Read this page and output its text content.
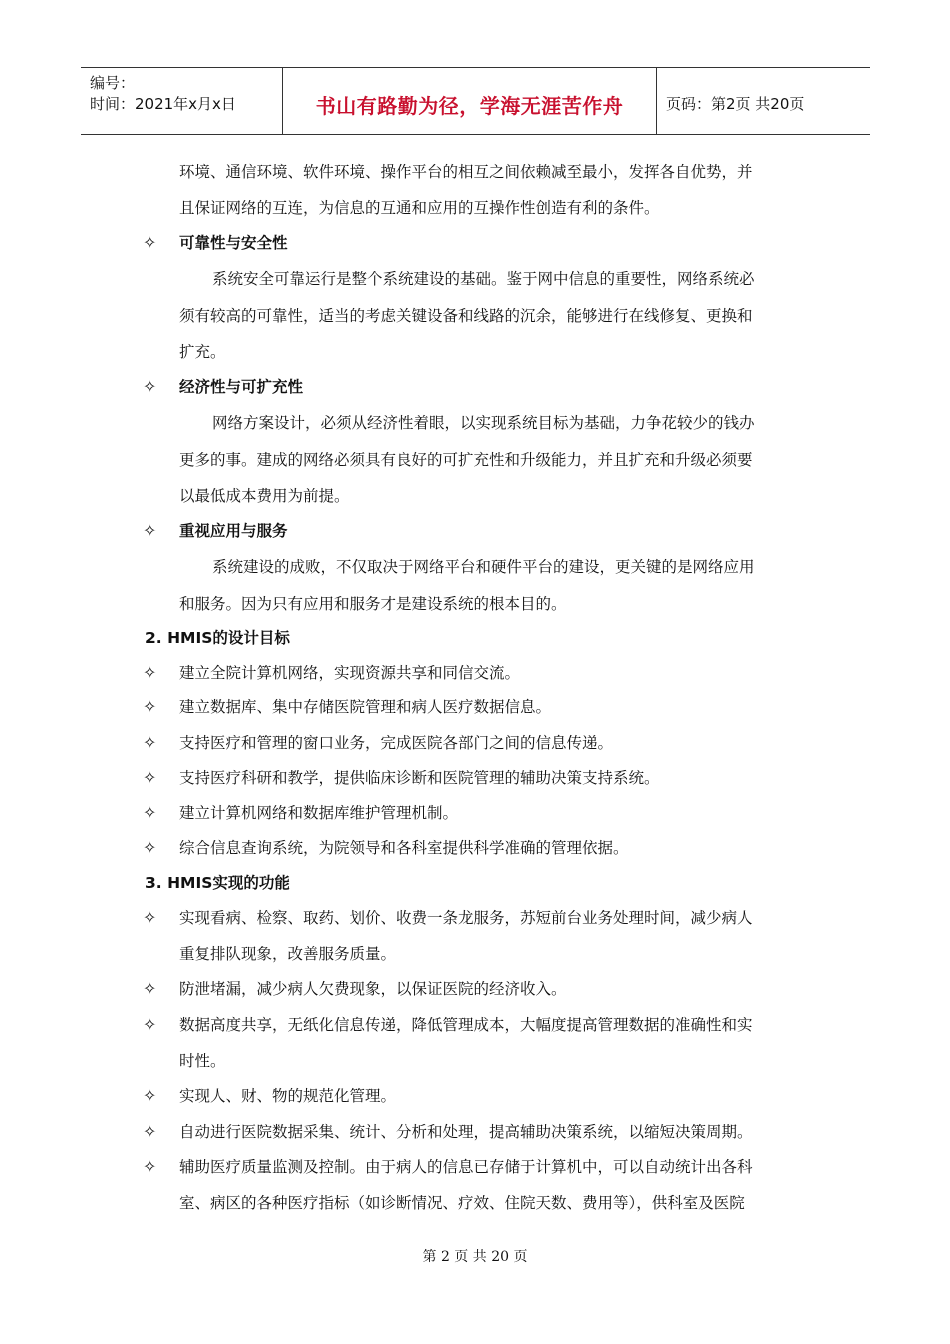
编号：
时间：2021年x月x日	书山有路勤为径，学海无涯苦作舟	页码：第2页 共20页
环境、通信环境、软件环境、操作平台的相互之间依赖减至最小，发挥各自优势，并
且保证网络的互连，为信息的互通和应用的互操作性创造有利的条件。
✧ 可靠性与安全性
系统安全可靠运行是整个系统建设的基础。鉴于网中信息的重要性，网络系统必
须有较高的可靠性，适当的考虑关键设备和线路的沉余，能够进行在线修复、更换和
扩充。
✧ 经济性与可扩充性
网络方案设计，必须从经济性着眼，以实现系统目标为基础，力争花较少的钱办
更多的事。建成的网络必须具有良好的可扩充性和升级能力，并且扩充和升级必须要
以最低成本费用为前提。
✧ 重视应用与服务
系统建设的成败，不仅取决于网络平台和硬件平台的建设，更关键的是网络应用
和服务。因为只有应用和服务才是建设系统的根本目的。
2. HMIS的设计目标
✧ 建立全院计算机网络，实现资源共享和同信交流。
✧ 建立数据库、集中存储医院管理和病人医疗数据信息。
✧ 支持医疗和管理的窗口业务，完成医院各部门之间的信息传递。
✧ 支持医疗科研和教学，提供临床诊断和医院管理的辅助决策支持系统。
✧ 建立计算机网络和数据库维护管理机制。
✧ 综合信息查询系统，为院领导和各科室提供科学准确的管理依据。
3. HMIS实现的功能
✧ 实现看病、检察、取药、划价、收费一条龙服务，苏短前台业务处理时间，减少病人
重复排队现象，改善服务质量。
✧ 防泄堵漏，减少病人欠费现象，以保证医院的经济收入。
✧ 数据高度共享，无纸化信息传递，降低管理成本，大幅度提高管理数据的准确性和实
时性。
✧ 实现人、财、物的规范化管理。
✧ 自动进行医院数据采集、统计、分析和处理，提高辅助决策系统，以缩短决策周期。
✧ 辅助医疗质量监测及控制。由于病人的信息已存储于计算机中，可以自动统计出各科
室、病区的各种医疗指标（如诊断情况、疗效、住院天数、费用等），供科室及医院
第 2 页 共 20 页
